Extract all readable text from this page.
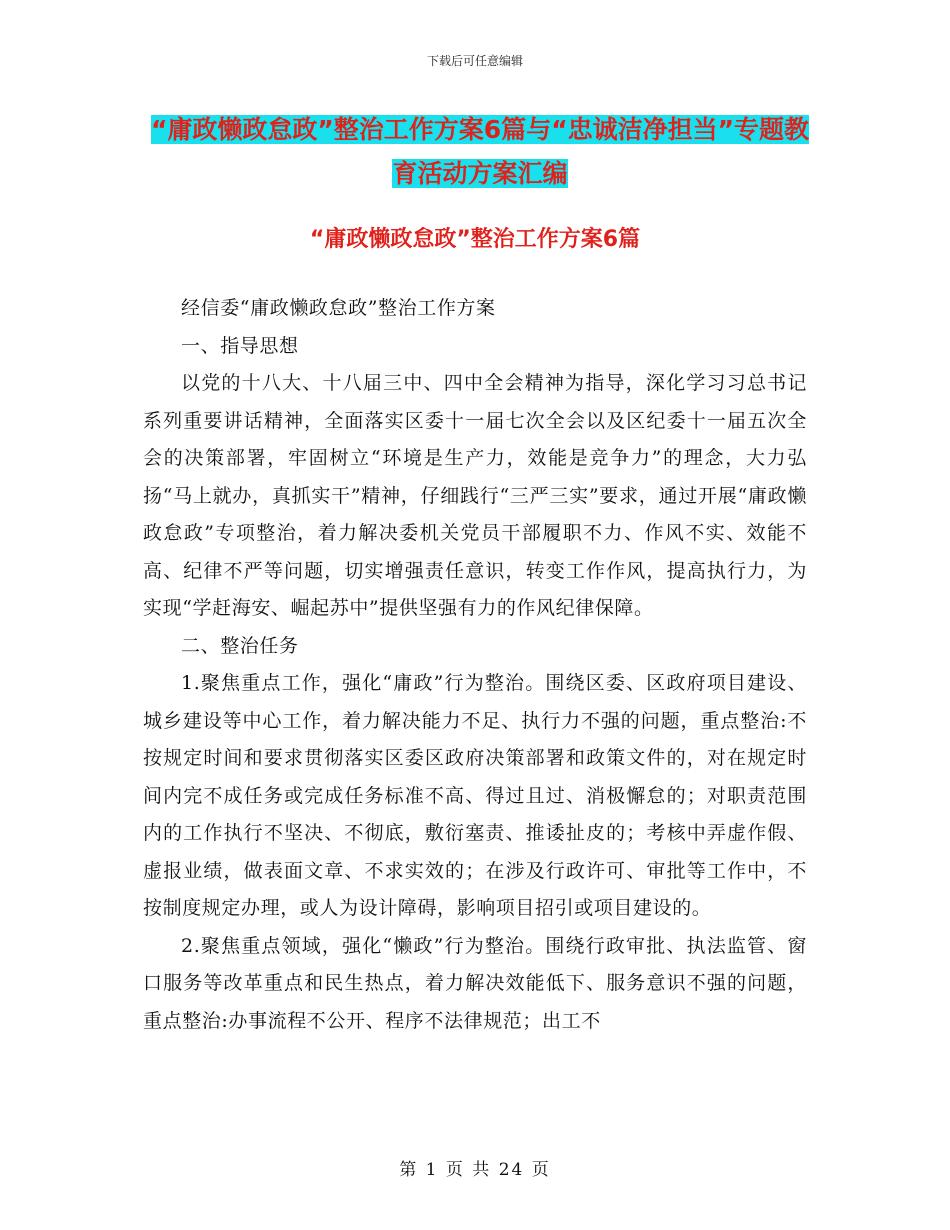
下载后可任意编辑
“庸政懒政怠政”整治工作方案6篇与“忠诚洁净担当”专题教育活动方案汇编
“庸政懒政怠政”整治工作方案6篇

经信委“庸政懒政怠政”整治工作方案

一、指导思想

以党的十八大、十八届三中、四中全会精神为指导，深化学习习总书记系列重要讲话精神，全面落实区委十一届七次全会以及区纪委十一届五次全会的决策部署，牢固树立“环境是生产力，效能是竞争力”的理念，大力弘扬“马上就办，真抓实干”精神，仔细践行“三严三实”要求，通过开展“庸政懒政怠政”专项整治，着力解决委机关党员干部履职不力、作风不实、效能不高、纪律不严等问题，切实增强责任意识，转变工作作风，提高执行力，为实现“学赶海安、崛起苏中”提供坚强有力的作风纪律保障。

二、整治任务

1.聚焦重点工作，强化“庸政”行为整治。围绕区委、区政府项目建设、城乡建设等中心工作，着力解决能力不足、执行力不强的问题，重点整治:不按规定时间和要求贯彻落实区委区政府决策部署和政策文件的，对在规定时间内完不成任务或完成任务标准不高、得过且过、消极懈怠的；对职责范围内的工作执行不坚决、不彻底，敷衍塞责、推诿扯皮的；考核中弄虚作假、虚报业绩，做表面文章、不求实效的；在涉及行政许可、审批等工作中，不按制度规定办理，或人为设计障碍，影响项目招引或项目建设的。

2.聚焦重点领域，强化“懒政”行为整治。围绕行政审批、执法监管、窗口服务等改革重点和民生热点，着力解决效能低下、服务意识不强的问题，重点整治:办事流程不公开、程序不法律规范；出工不

第 1 页 共 24 页
